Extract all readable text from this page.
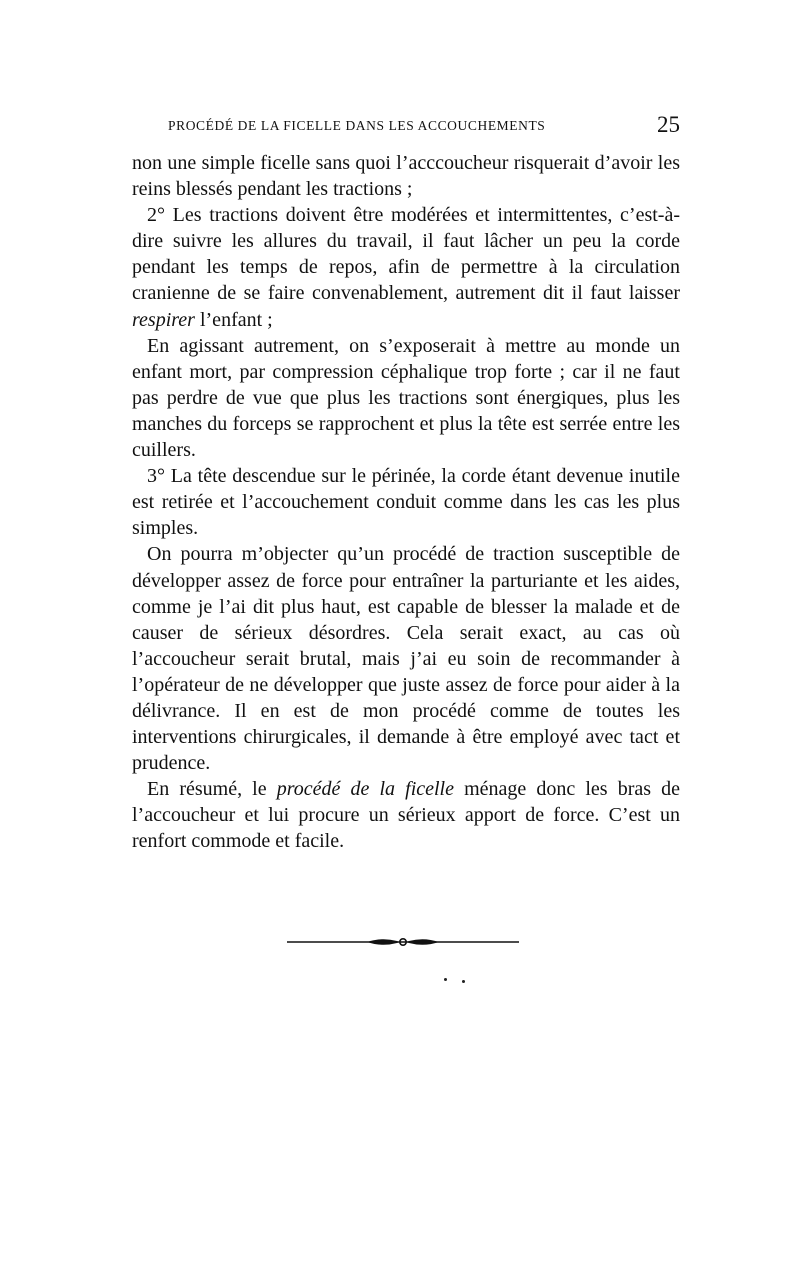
PROCÉDÉ DE LA FICELLE DANS LES ACCOUCHEMENTS	25

non une simple ficelle sans quoi l’acccoucheur risquerait d’avoir les reins blessés pendant les tractions ;

2° Les tractions doivent être modérées et intermittentes, c’est-à-dire suivre les allures du travail, il faut lâcher un peu la corde pendant les temps de repos, afin de permettre à la circulation cranienne de se faire convenablement, autrement dit il faut laisser respirer l’enfant ;

En agissant autrement, on s’exposerait à mettre au monde un enfant mort, par compression céphalique trop forte ; car il ne faut pas perdre de vue que plus les tractions sont énergiques, plus les manches du forceps se rapprochent et plus la tête est serrée entre les cuillers.

3° La tête descendue sur le périnée, la corde étant devenue inutile est retirée et l’accouchement conduit comme dans les cas les plus simples.

On pourra m’objecter qu’un procédé de traction susceptible de développer assez de force pour entraîner la parturiante et les aides, comme je l’ai dit plus haut, est capable de blesser la malade et de causer de sérieux désordres. Cela serait exact, au cas où l’accoucheur serait brutal, mais j’ai eu soin de recommander à l’opérateur de ne développer que juste assez de force pour aider à la délivrance. Il en est de mon procédé comme de toutes les interventions chirurgicales, il demande à être employé avec tact et prudence.

En résumé, le procédé de la ficelle ménage donc les bras de l’accoucheur et lui procure un sérieux apport de force. C’est un renfort commode et facile.
